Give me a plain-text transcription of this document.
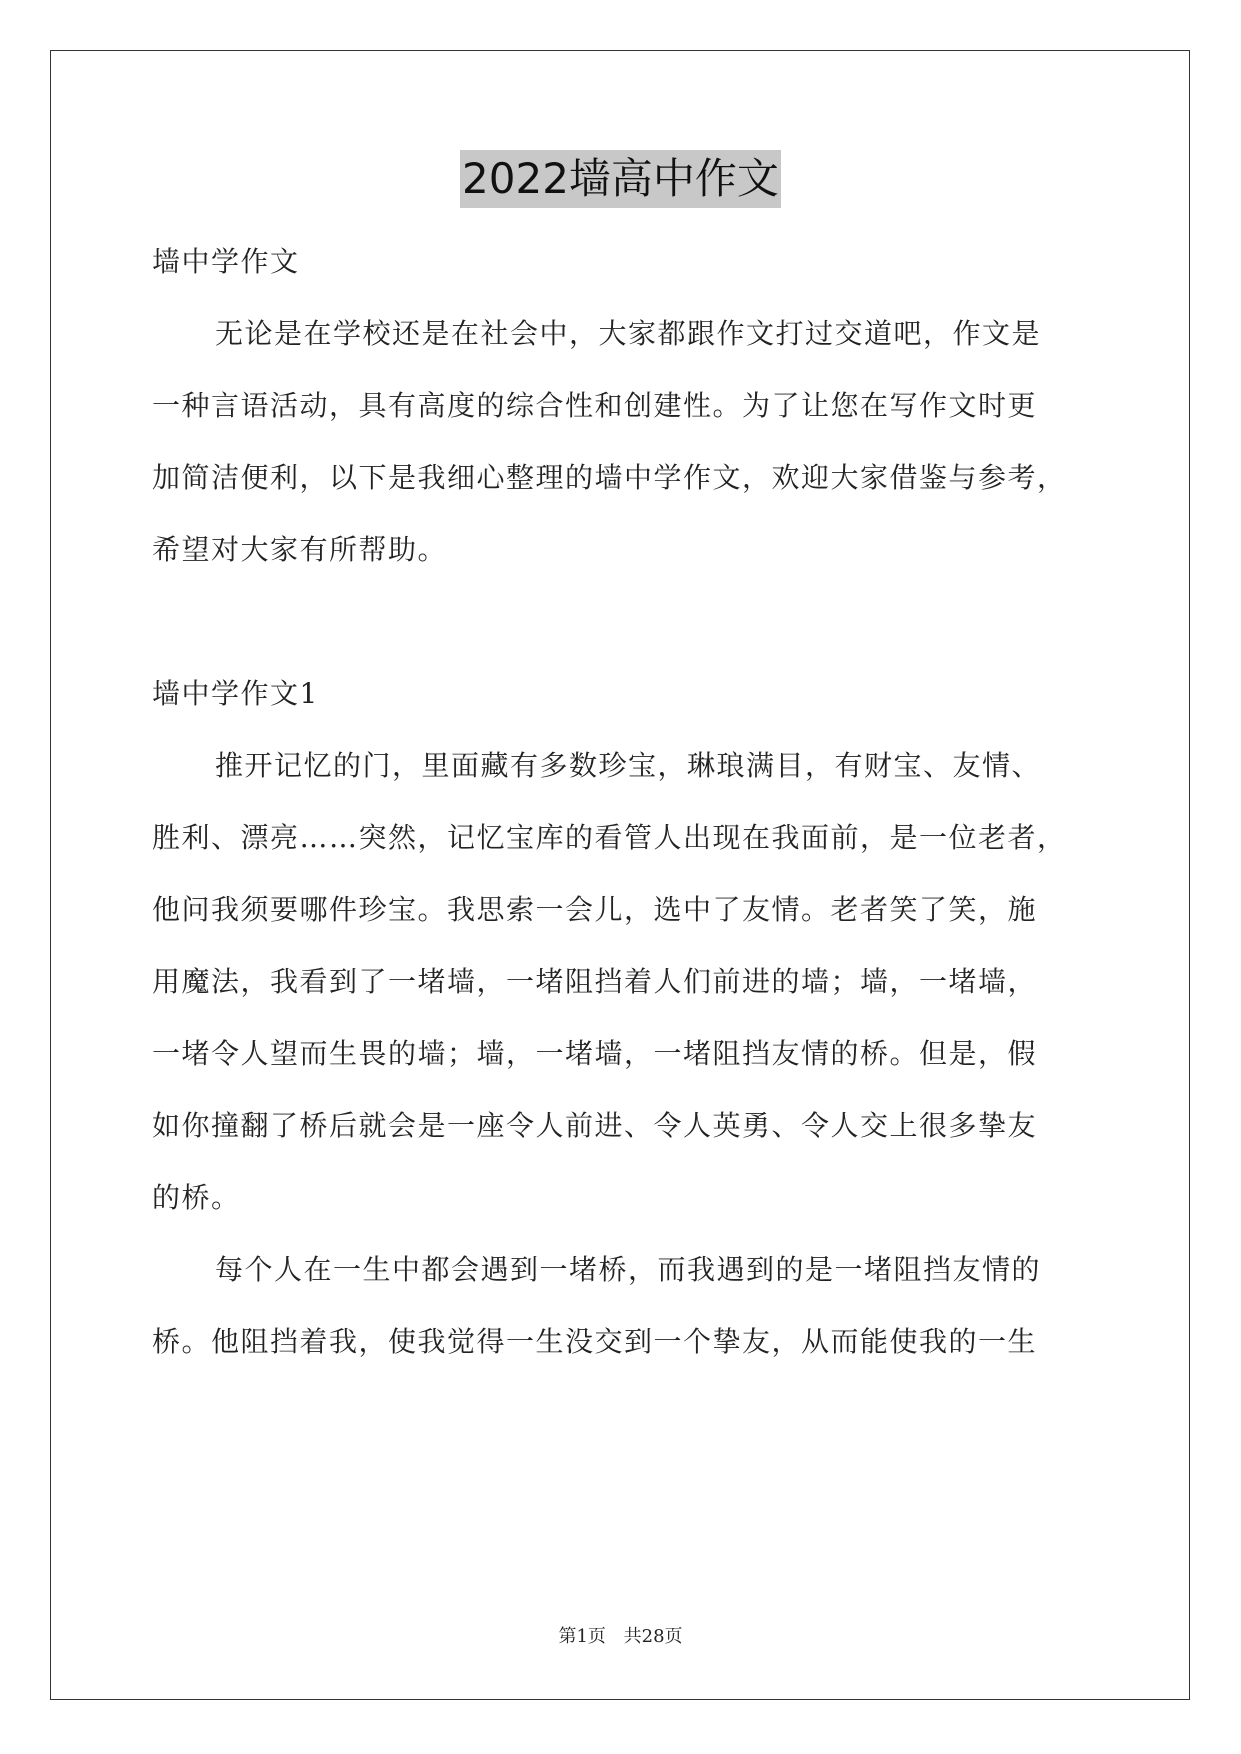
2022墙高中作文
墙中学作文
无论是在学校还是在社会中，大家都跟作文打过交道吧，作文是
一种言语活动，具有高度的综合性和创建性。为了让您在写作文时更
加简洁便利，以下是我细心整理的墙中学作文，欢迎大家借鉴与参考，
希望对大家有所帮助。
墙中学作文1
推开记忆的门，里面藏有多数珍宝，琳琅满目，有财宝、友情、
胜利、漂亮……突然，记忆宝库的看管人出现在我面前，是一位老者，
他问我须要哪件珍宝。我思索一会儿，选中了友情。老者笑了笑，施
用魔法，我看到了一堵墙，一堵阻挡着人们前进的墙；墙，一堵墙，
一堵令人望而生畏的墙；墙，一堵墙，一堵阻挡友情的桥。但是，假
如你撞翻了桥后就会是一座令人前进、令人英勇、令人交上很多挚友
的桥。
每个人在一生中都会遇到一堵桥，而我遇到的是一堵阻挡友情的
桥。他阻挡着我，使我觉得一生没交到一个挚友，从而能使我的一生
第1页 共28页
